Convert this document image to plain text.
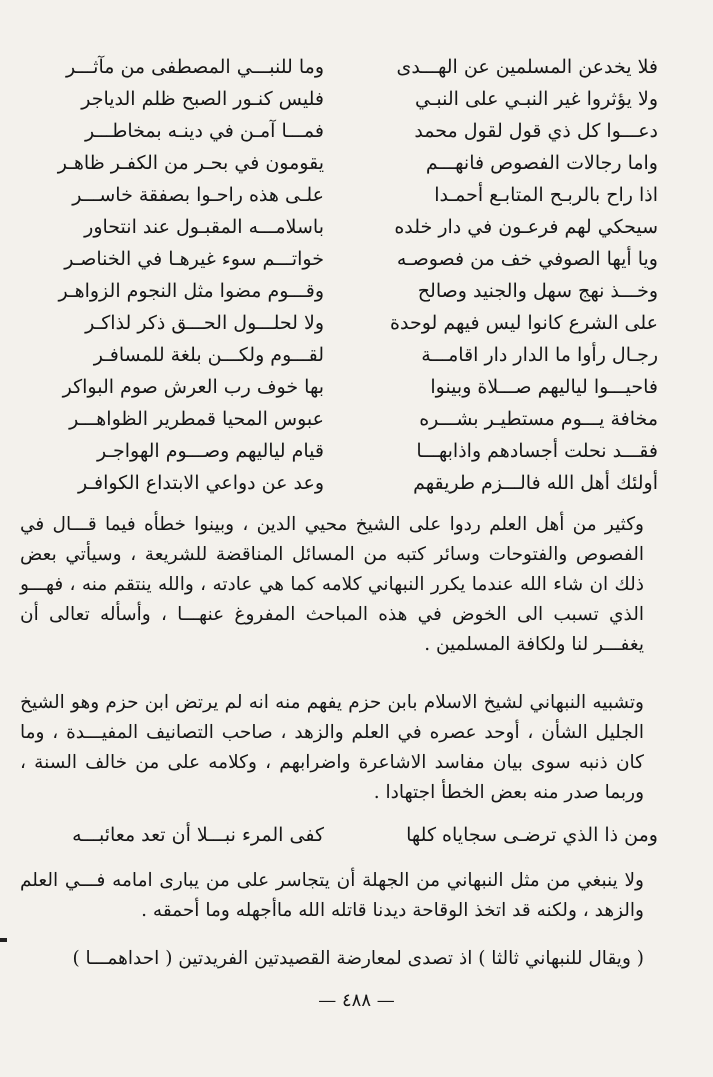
فلا يخدعن المسلمين عن الهـــدى
وما للنبـــي المصطفى من مآثـــر
ولا يؤثروا غير النبـي على النبـي
فليس كنـور الصبح ظلم الدياجر
دعـــوا كل ذي قول لقول محمد
فمـــا آمـن في دينـه بمخاطـــر
واما رجالات الفصوص فانهـــم
يقومون في بحـر من الكفـر ظاهـر
اذا راح بالربـح المتابـع أحمـدا
علـى هذه راحـوا بصفقة خاســـر
سيحكي لهم فرعـون في دار خلده
باسلامـــه المقبـول عند انتحاور
ويا أيها الصوفي خف من فصوصـه
خواتـــم سوء غيرهـا في الخناصـر
وخـــذ نهج سهل والجنيد وصالح
وقـــوم مضوا مثل النجوم الزواهـر
على الشرع كانوا ليس فيهم لوحدة
ولا لحلـــول الحـــق ذكر لذاكـر
رجـال رأوا ما الدار دار اقامـــة
لقـــوم ولكـــن بلغة للمسافـر
فاحيـــوا لياليهم صـــلاة وبينوا
بها خوف رب العرش صوم البواكر
مخافة يـــوم مستطيـر بشـــره
عبوس المحيا قمطرير الظواهـــر
فقـــد نحلت أجسادهم واذابهـــا
قيام لياليهم وصـــوم الهواجـر
أولئك أهل الله فالـــزم طريقهم
وعد عن دواعي الابتداع الكوافـر

وكثير من أهل العلم ردوا على الشيخ محيي الدين ، وبينوا خطأه فيما قـــال في الفصوص والفتوحات وسائر كتبه من المسائل المناقضة للشريعة ، وسيأتي بعض ذلك ان شاء الله عندما يكرر النبهاني كلامه كما هي عادته ، والله ينتقم منه ، فهـــو الذي تسبب الى الخوض في هذه المباحث المفروغ عنهـــا ، وأسأله تعالى أن يغفـــر لنا ولكافة المسلمين .

وتشبيه النبهاني لشيخ الاسلام بابن حزم يفهم منه انه لم يرتض ابن حزم وهو الشيخ الجليل الشأن ، أوحد عصره في العلم والزهد ، صاحب التصانيف المفيـــدة ، وما كان ذنبه سوى بيان مفاسد الاشاعرة واضرابهم ، وكلامه على من خالف السنة ، وربما صدر منه بعض الخطأ اجتهادا .

ومن ذا الذي ترضـى سجاياه كلها
كفى المرء نبـــلا أن تعد معائبـــه

ولا ينبغي من مثل النبهاني من الجهلة أن يتجاسر على من يبارى امامه فـــي العلم والزهد ، ولكنه قد اتخذ الوقاحة ديدنا قاتله الله ماأجهله وما أحمقه .

( ويقال للنبهاني ثالثا ) اذ تصدى لمعارضة القصيدتين الفريدتين ( احداهمـــا )

— ٤٨٨ —
